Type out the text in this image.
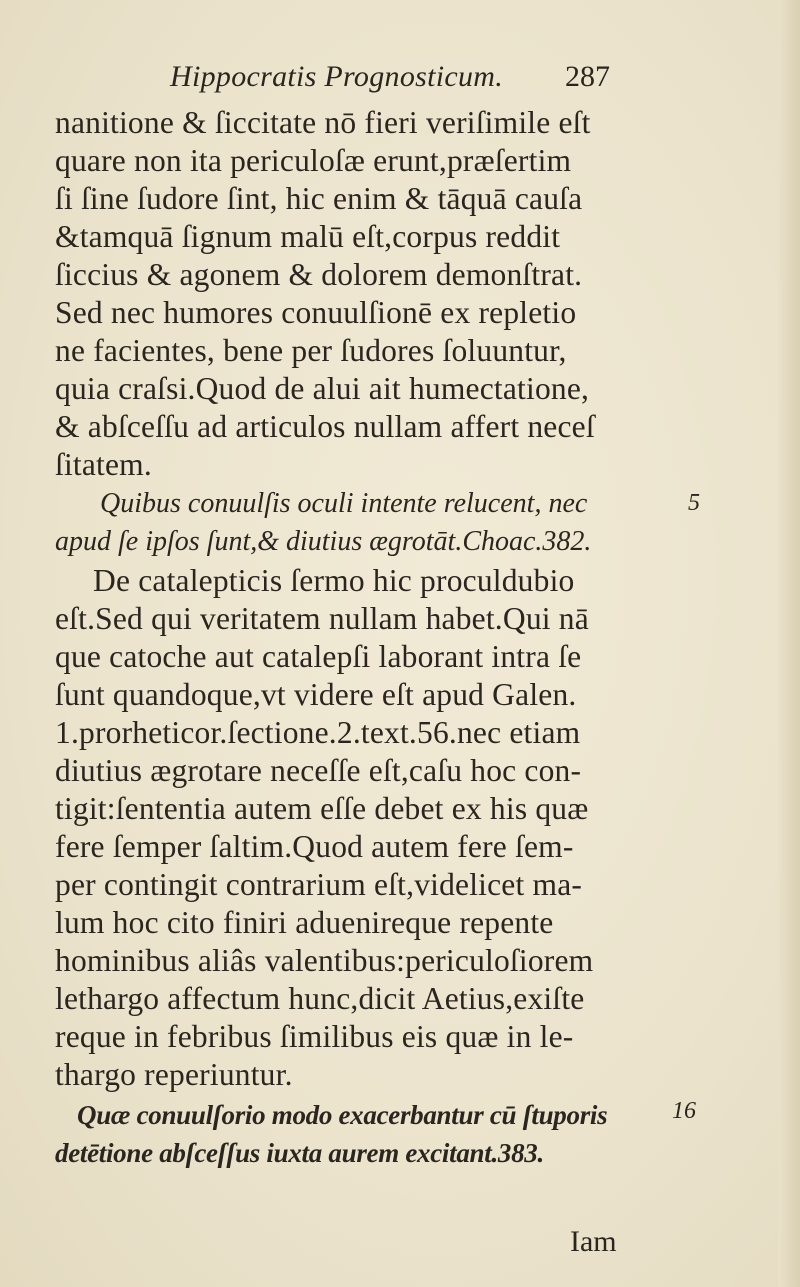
Hippocratis Prognosticum. 287
nanitione & ſiccitate nō fieri veriſimile eſt
quare non ita periculoſæ erunt,præſertim
ſi ſine ſudore ſint, hic enim & tāquā cauſa
&tamquā ſignum malū eſt,corpus reddit
ſiccius & agonem & dolorem demonſtrat.
Sed nec humores conuulſionē ex repletio
ne facientes, bene per ſudores ſoluuntur,
quia craſsi.Quod de alui ait humectatione,
& abſceſſu ad articulos nullam affert neceſ
ſitatem.
Quibus conuulſis oculi intente relucent, nec
apud ſe ipſos ſunt,& diutius ægrotāt.Choac.382.
De catalepticis ſermo hic proculdubio
eſt.Sed qui veritatem nullam habet.Qui nā
que catoche aut catalepſi laborant intra ſe
ſunt quandoque,vt videre eſt apud Galen.
1.prorheticor.ſectione.2.text.56.nec etiam
diutius ægrotare neceſſe eſt,caſu hoc con-
tigit:ſententia autem eſſe debet ex his quæ
fere ſemper ſaltim.Quod autem fere ſem-
per contingit contrarium eſt,videlicet ma-
lum hoc cito finiri aduenireque repente
hominibus aliâs valentibus:periculoſiorem
lethargo affectum hunc,dicit Aetius,exiſte
reque in febribus ſimilibus eis quæ in le-
thargo reperiuntur.
Quæ conuulſorio modo exacerbantur cū ſtuporis
detētione abſceſſus iuxta aurem excitant.383.
5
16
Iam
